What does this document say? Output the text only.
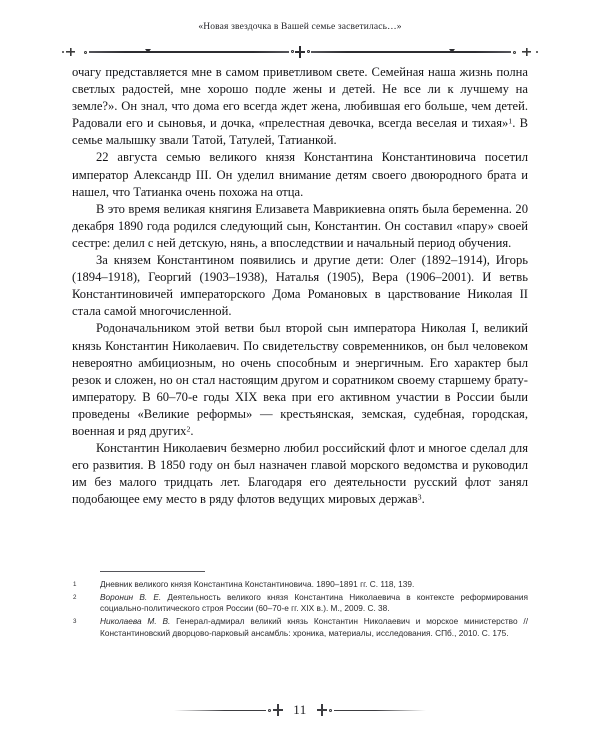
«Новая звездочка в Вашей семье засветилась…»

очагу представляется мне в самом приветливом свете. Семейная наша жизнь полна светлых радостей, мне хорошо подле жены и детей. Не все ли к лучшему на земле?». Он знал, что дома его всегда ждет жена, любившая его больше, чем детей. Радовали его и сыновья, и дочка, «прелестная девочка, всегда веселая и тихая»$^1$. В семье малышку звали Татой, Татулей, Татианкой.

22 августа семью великого князя Константина Константиновича посетил император Александр III. Он уделил внимание детям своего двоюродного брата и нашел, что Татианка очень похожа на отца.

В это время великая княгиня Елизавета Маврикиевна опять была беременна. 20 декабря 1890 года родился следующий сын, Константин. Он составил «пару» своей сестре: делил с ней детскую, нянь, а впоследствии и начальный период обучения.

За князем Константином появились и другие дети: Олег (1892–1914), Игорь (1894–1918), Георгий (1903–1938), Наталья (1905), Вера (1906–2001). И ветвь Константиновичей императорского Дома Романовых в царствование Николая II стала самой многочисленной.

Родоначальником этой ветви был второй сын императора Николая I, великий князь Константин Николаевич. По свидетельству современников, он был человеком невероятно амбициозным, но очень способным и энергичным. Его характер был резок и сложен, но он стал настоящим другом и соратником своему старшему брату-императору. В 60–70-е годы XIX века при его активном участии в России были проведены «Великие реформы» — крестьянская, земская, судебная, городская, военная и ряд других$^2$.

Константин Николаевич безмерно любил российский флот и многое сделал для его развития. В 1850 году он был назначен главой морского ведомства и руководил им без малого тридцать лет. Благодаря его деятельности русский флот занял подобающее ему место в ряду флотов ведущих мировых держав$^3$.

1	Дневник великого князя Константина Константиновича. 1890–1891 гг. С. 118, 139.
2	Воронин В. Е. Деятельность великого князя Константина Николаевича в контексте реформирования социально-политического строя России (60–70-е гг. XIX в.). М., 2009. С. 38.
3	Николаева М. В. Генерал-адмирал великий князь Константин Николаевич и морское министерство // Константиновский дворцово-парковый ансамбль: хроника, материалы, исследования. СПб., 2010. С. 175.
11
